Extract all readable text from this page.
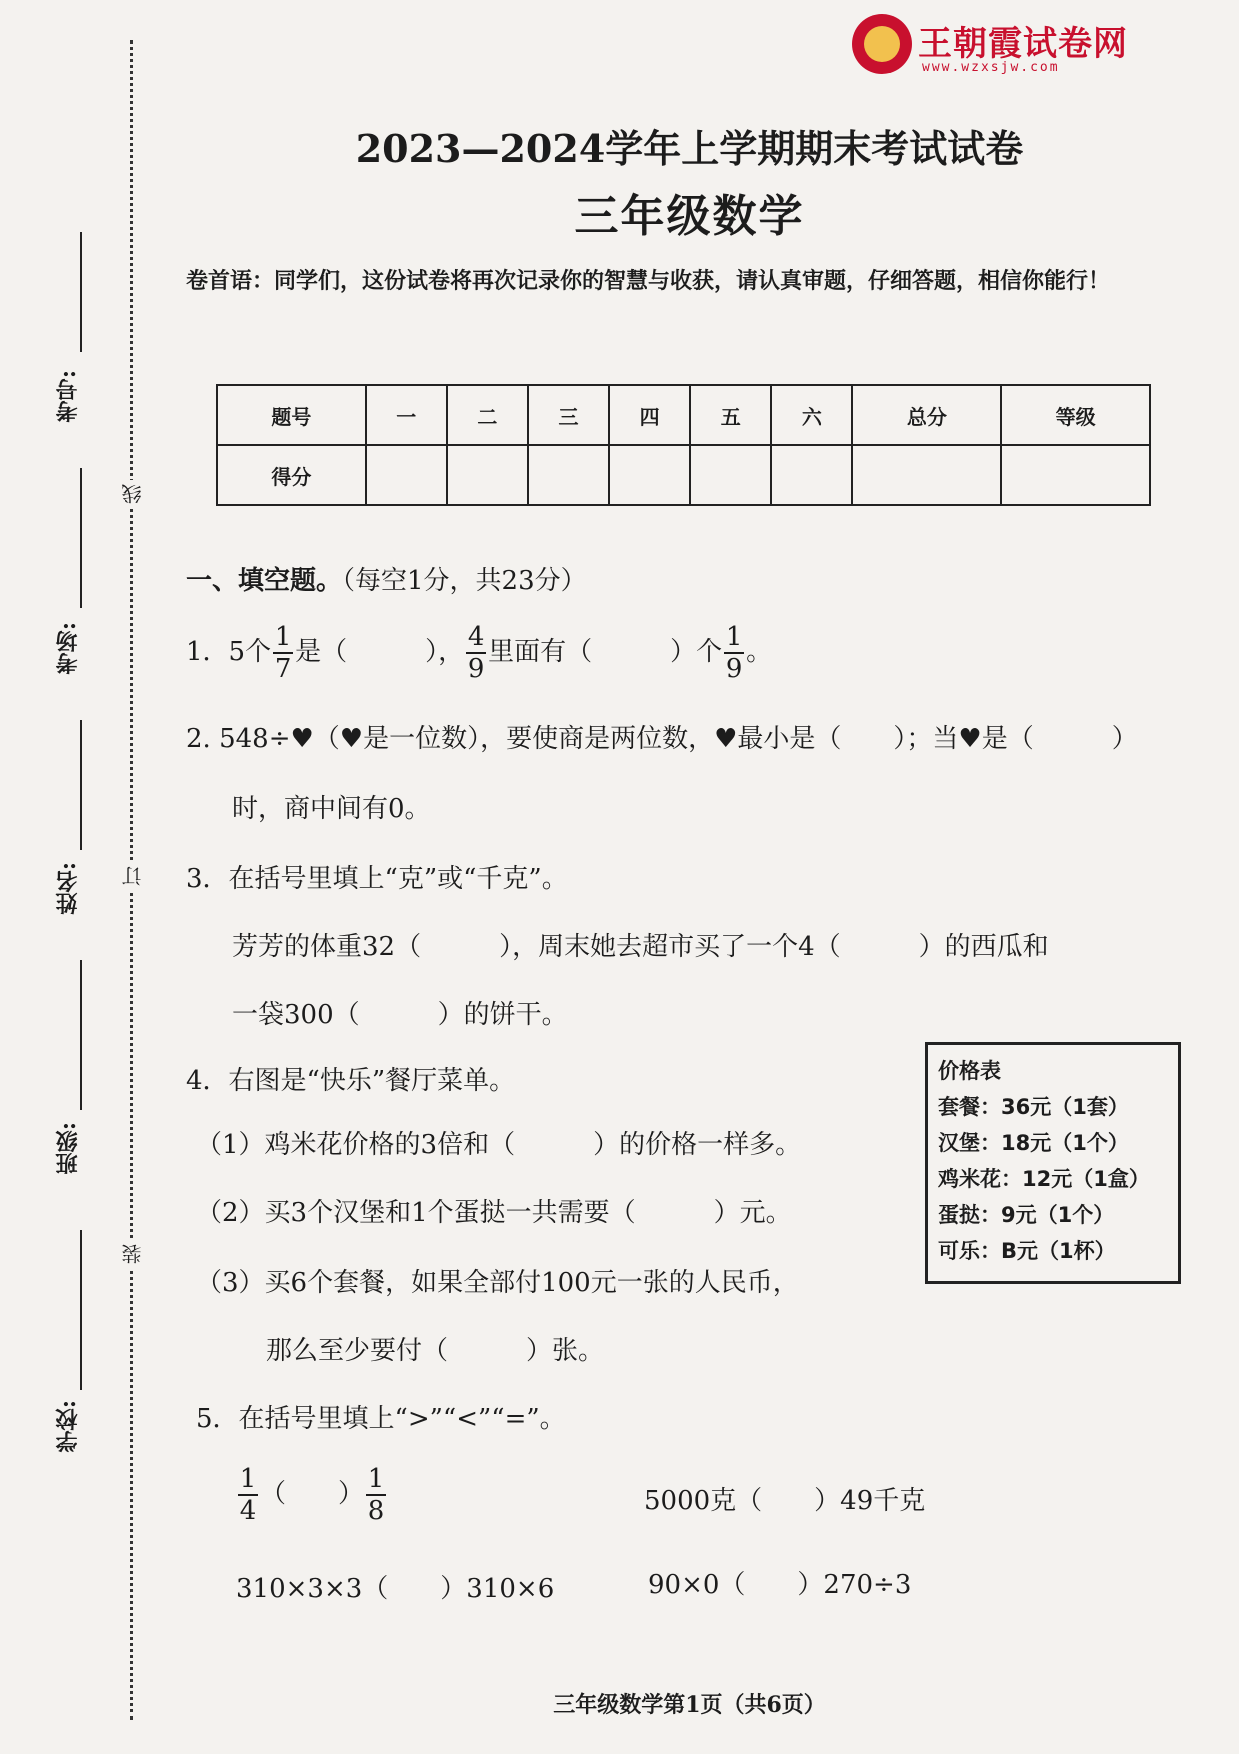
考号:
考场:
姓名:
班级:
学校:
线
订
装
王朝霞试卷网
www.wzxsjw.com
2023—2024学年上学期期末考试试卷
三年级数学
卷首语：同学们，这份试卷将再次记录你的智慧与收获，请认真审题，仔细答题，相信你能行！
题号	一	二	三	四	五	六	总分	等级
得分								
一、填空题。（每空1分，共23分）
1．5个 $\frac{1}{7}$ 是（　　　）， $\frac{4}{9}$ 里面有（　　　）个 $\frac{1}{9}$ 。
2. 548÷♥（♥是一位数），要使商是两位数，♥最小是（　　）；当♥是（　　　）
时，商中间有0。
3．在括号里填上“克”或“千克”。
芳芳的体重32（　　　），周末她去超市买了一个4（　　　）的西瓜和
一袋300（　　　）的饼干。
4．右图是“快乐”餐厅菜单。
（1）鸡米花价格的3倍和（　　　）的价格一样多。
（2）买3个汉堡和1个蛋挞一共需要（　　　）元。
（3）买6个套餐，如果全部付100元一张的人民币，
那么至少要付（　　　）张。
价格表
套餐：36元（1套）
汉堡：18元（1个）
鸡米花：12元（1盒）
蛋挞：9元（1个）
可乐：B元（1杯）
5．在括号里填上“>”“<”“=”。
$\frac{1}{4}$ （　　） $\frac{1}{8}$	5000克（　　）49千克
310×3×3（　　）310×6	90×0（　　）270÷3
三年级数学第1页（共6页）
